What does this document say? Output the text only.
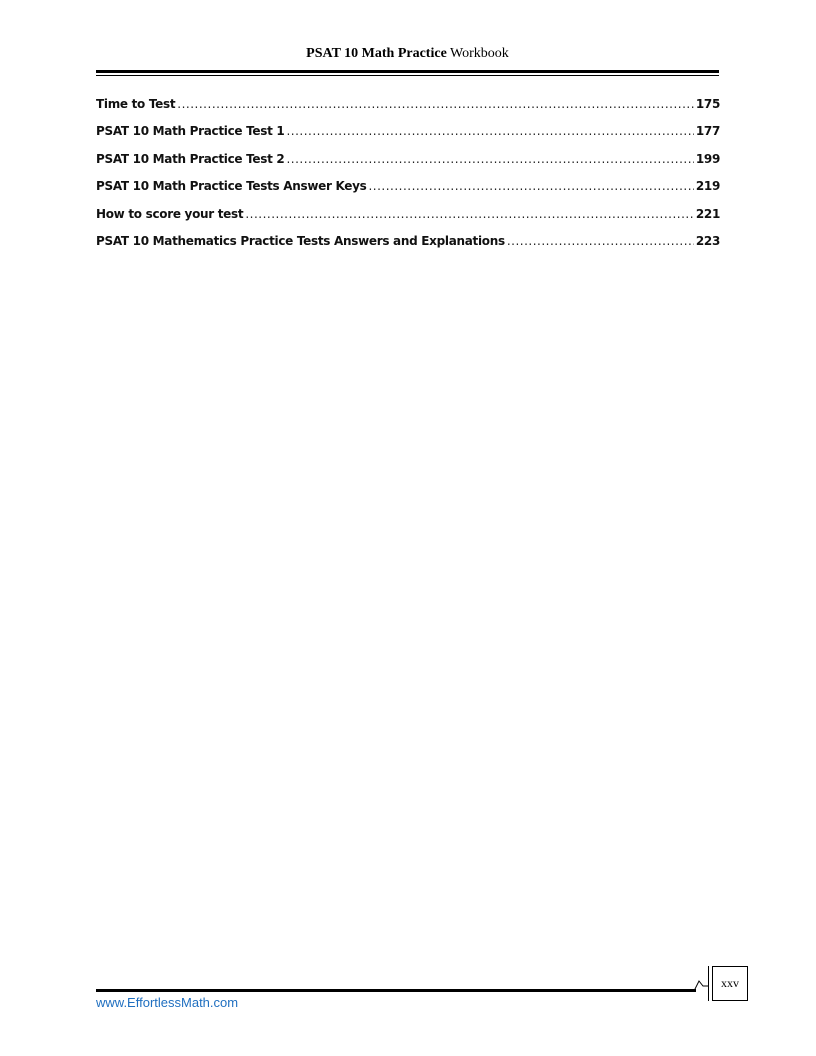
PSAT 10 Math Practice Workbook
Time to Test .....	175
PSAT 10 Math Practice Test 1 .....	177
PSAT 10 Math Practice Test 2 .....	199
PSAT 10 Math Practice Tests Answer Keys .....	219
How to score your test .....	221
PSAT 10 Mathematics Practice Tests Answers and Explanations .....	223
xxv
www.EffortlessMath.com
